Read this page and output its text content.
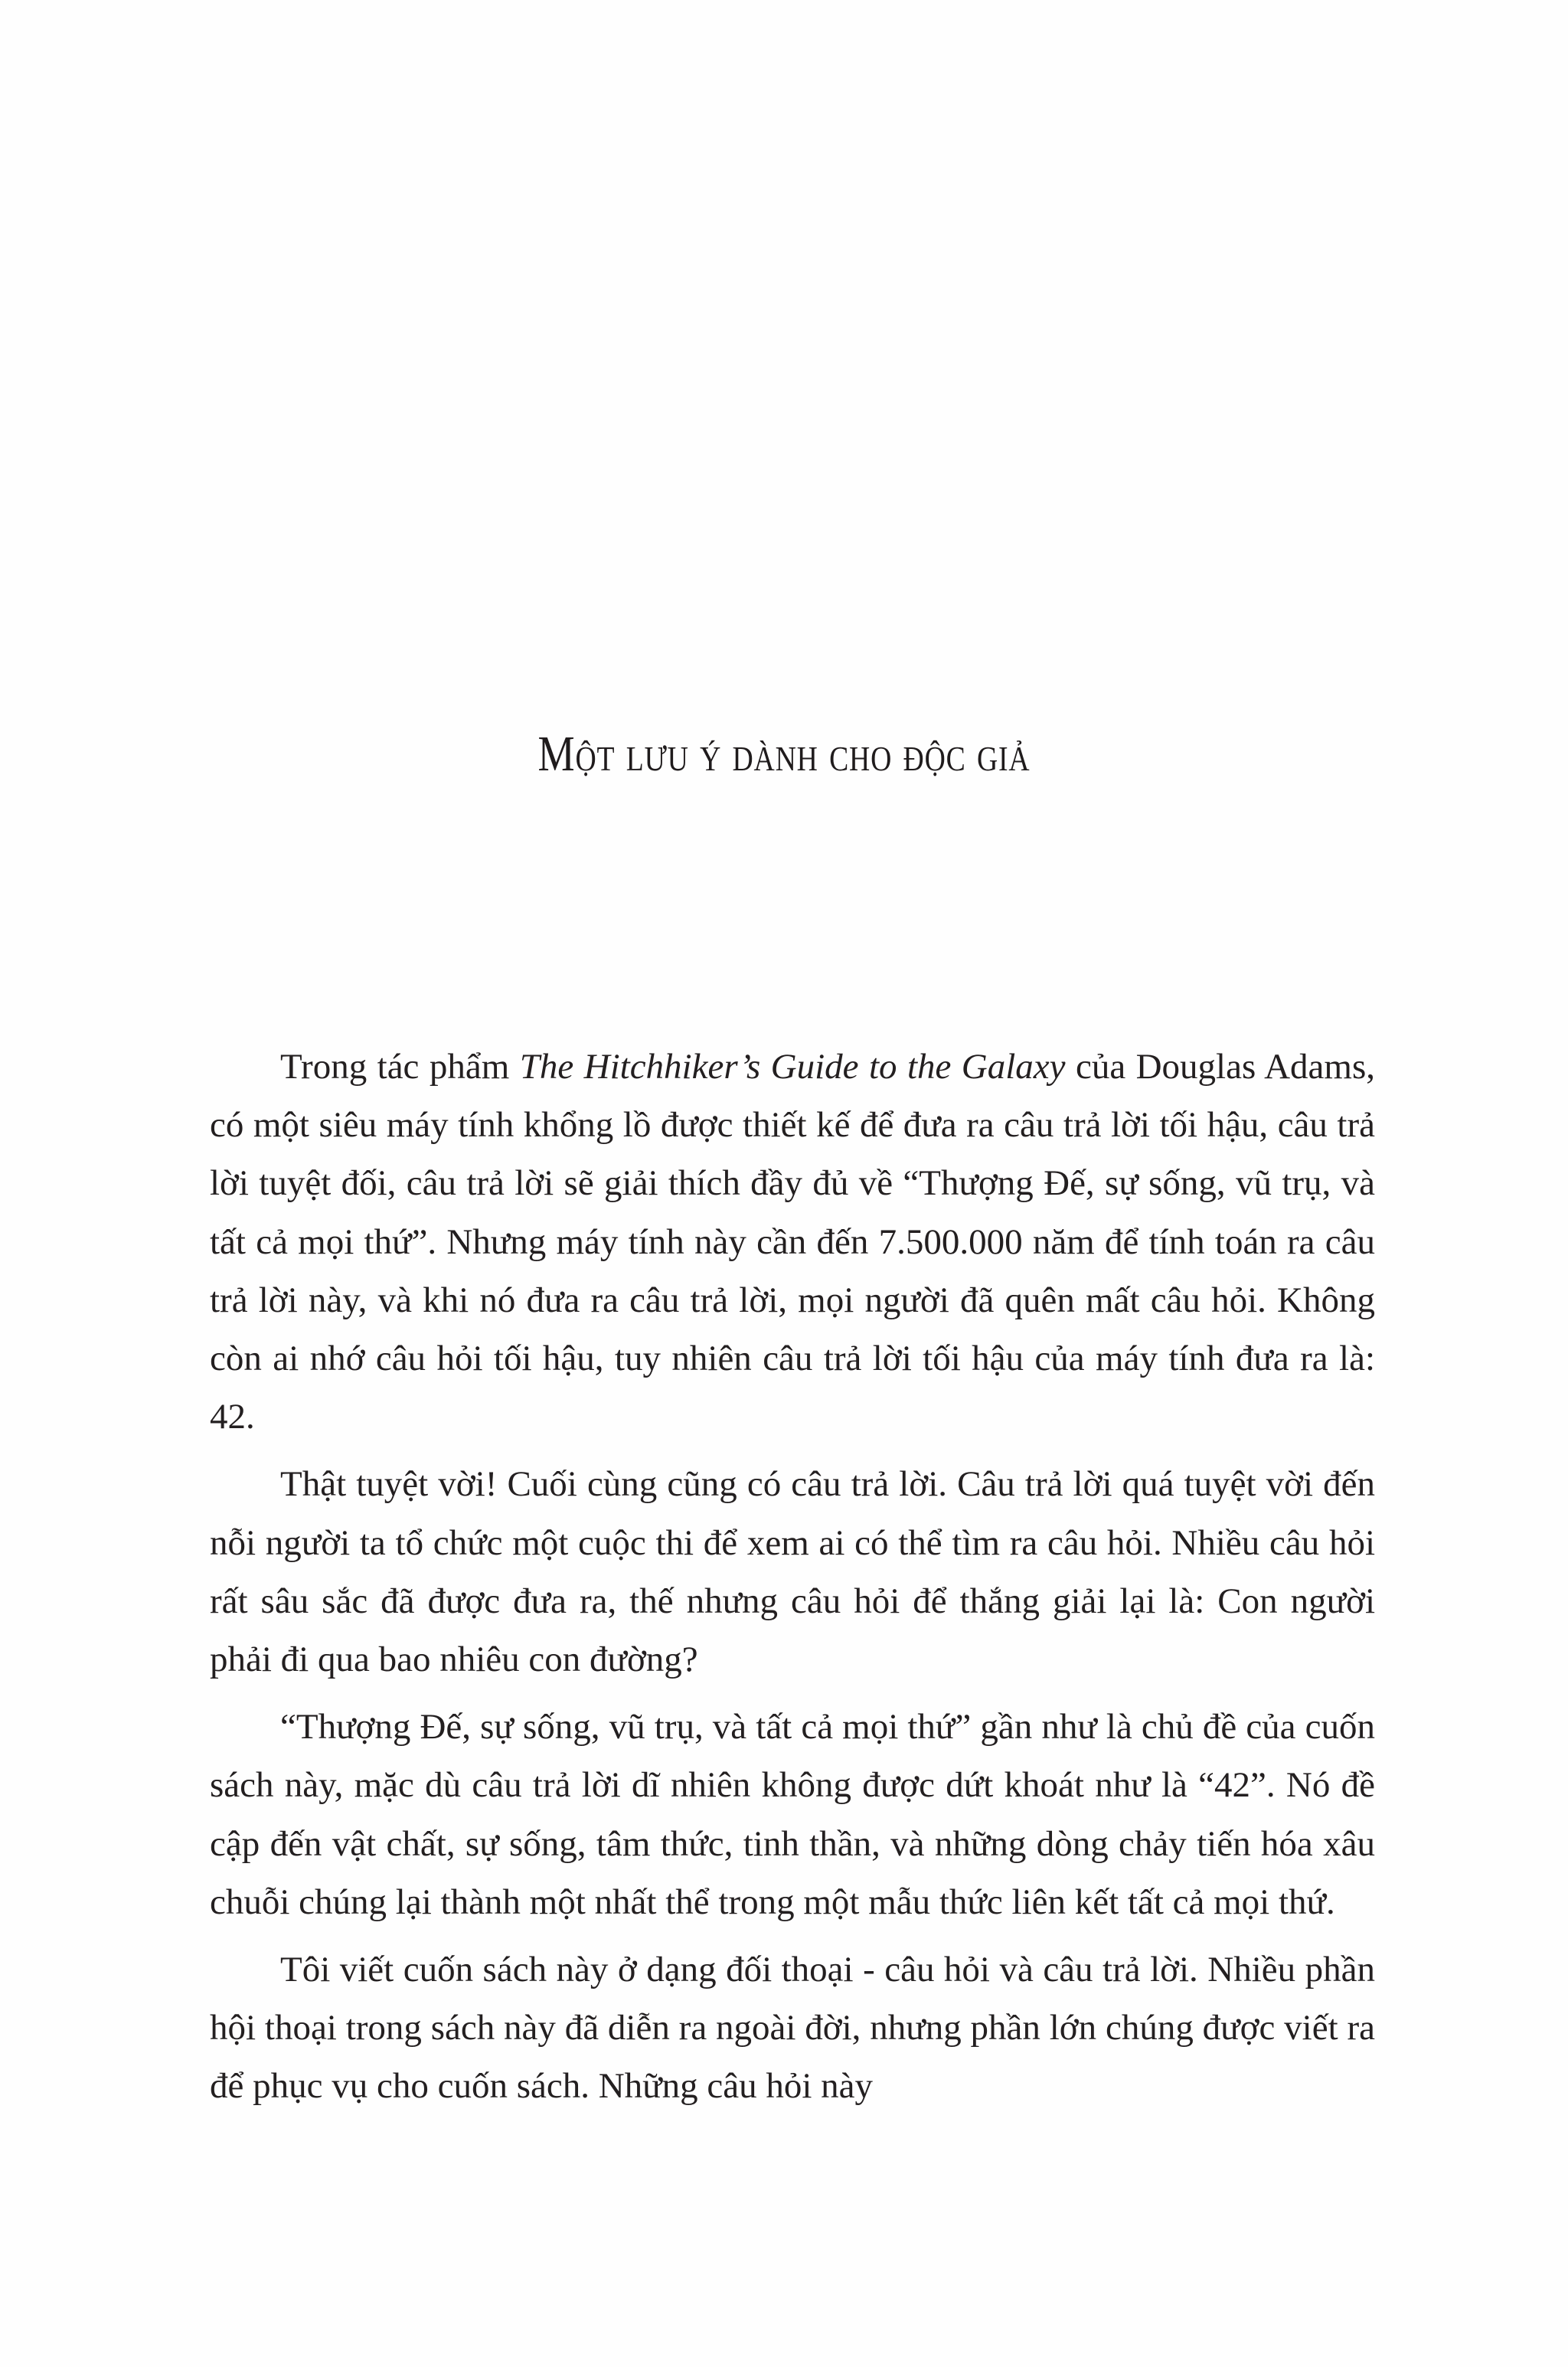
Một lưu ý dành cho độc giả

Trong tác phẩm The Hitchhiker’s Guide to the Galaxy của Douglas Adams, có một siêu máy tính khổng lồ được thiết kế để đưa ra câu trả lời tối hậu, câu trả lời tuyệt đối, câu trả lời sẽ giải thích đầy đủ về “Thượng Đế, sự sống, vũ trụ, và tất cả mọi thứ”. Nhưng máy tính này cần đến 7.500.000 năm để tính toán ra câu trả lời này, và khi nó đưa ra câu trả lời, mọi người đã quên mất câu hỏi. Không còn ai nhớ câu hỏi tối hậu, tuy nhiên câu trả lời tối hậu của máy tính đưa ra là: 42.

Thật tuyệt vời! Cuối cùng cũng có câu trả lời. Câu trả lời quá tuyệt vời đến nỗi người ta tổ chức một cuộc thi để xem ai có thể tìm ra câu hỏi. Nhiều câu hỏi rất sâu sắc đã được đưa ra, thế nhưng câu hỏi để thắng giải lại là: Con người phải đi qua bao nhiêu con đường?

“Thượng Đế, sự sống, vũ trụ, và tất cả mọi thứ” gần như là chủ đề của cuốn sách này, mặc dù câu trả lời dĩ nhiên không được dứt khoát như là “42”. Nó đề cập đến vật chất, sự sống, tâm thức, tinh thần, và những dòng chảy tiến hóa xâu chuỗi chúng lại thành một nhất thể trong một mẫu thức liên kết tất cả mọi thứ.

Tôi viết cuốn sách này ở dạng đối thoại - câu hỏi và câu trả lời. Nhiều phần hội thoại trong sách này đã diễn ra ngoài đời, nhưng phần lớn chúng được viết ra để phục vụ cho cuốn sách. Những câu hỏi này
